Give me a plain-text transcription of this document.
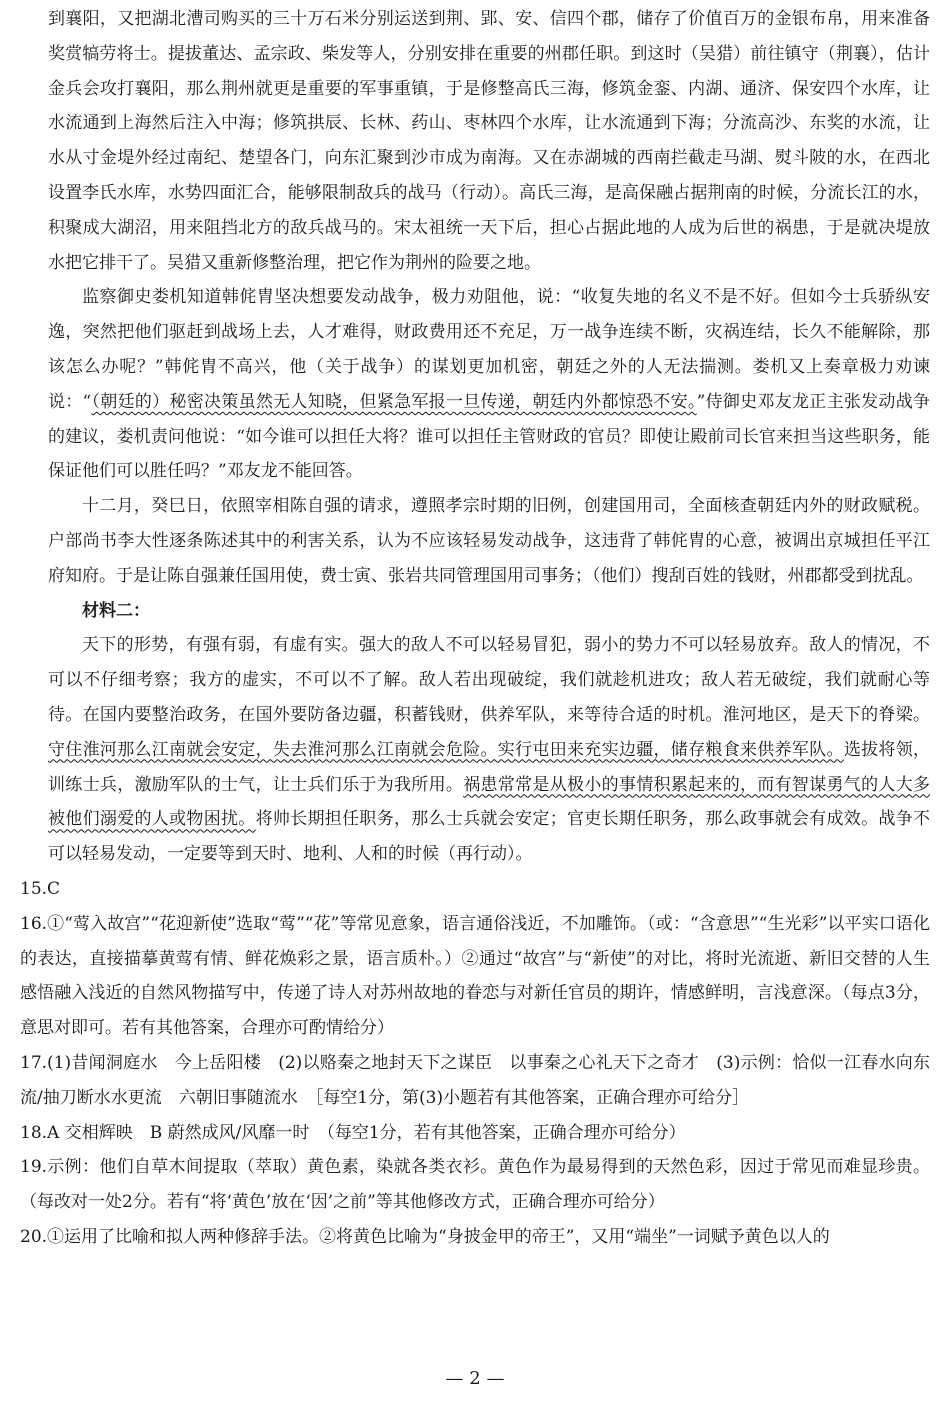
到襄阳，又把湖北漕司购买的三十万石米分别运送到荆、郢、安、信四个郡，储存了价值百万的金银布帛，用来准备奖赏犒劳将士。提拔董达、孟宗政、柴发等人，分别安排在重要的州郡任职。到这时（吴猎）前往镇守（荆襄），估计金兵会攻打襄阳，那么荆州就更是重要的军事重镇，于是修整高氏三海，修筑金銮、内湖、通济、保安四个水库，让水流通到上海然后注入中海；修筑拱辰、长林、药山、枣林四个水库，让水流通到下海；分流高沙、东奖的水流，让水从寸金堤外经过南纪、楚望各门，向东汇聚到沙市成为南海。又在赤湖城的西南拦截走马湖、熨斗陂的水，在西北设置李氏水库，水势四面汇合，能够限制敌兵的战马（行动）。高氏三海，是高保融占据荆南的时候，分流长江的水，积聚成大湖沼，用来阻挡北方的敌兵战马的。宋太祖统一天下后，担心占据此地的人成为后世的祸患，于是就决堤放水把它排干了。吴猎又重新修整治理，把它作为荆州的险要之地。

监察御史娄机知道韩侂胄坚决想要发动战争，极力劝阻他，说：“收复失地的名义不是不好。但如今士兵骄纵安逸，突然把他们驱赶到战场上去，人才难得，财政费用还不充足，万一战争连续不断，灾祸连结，长久不能解除，那该怎么办呢？”韩侂胄不高兴，他（关于战争）的谋划更加机密，朝廷之外的人无法揣测。娄机又上奏章极力劝谏说：“（朝廷的）秘密决策虽然无人知晓，但紧急军报一旦传递，朝廷内外都惊恐不安。”侍御史邓友龙正主张发动战争的建议，娄机责问他说：“如今谁可以担任大将？谁可以担任主管财政的官员？即使让殿前司长官来担当这些职务，能保证他们可以胜任吗？”邓友龙不能回答。

十二月，癸巳日，依照宰相陈自强的请求，遵照孝宗时期的旧例，创建国用司，全面核查朝廷内外的财政赋税。户部尚书李大性逐条陈述其中的利害关系，认为不应该轻易发动战争，这违背了韩侂胄的心意，被调出京城担任平江府知府。于是让陈自强兼任国用使，费士寅、张岩共同管理国用司事务；（他们）搜刮百姓的钱财，州郡都受到扰乱。

材料二：

天下的形势，有强有弱，有虚有实。强大的敌人不可以轻易冒犯，弱小的势力不可以轻易放弃。敌人的情况，不可以不仔细考察；我方的虚实，不可以不了解。敌人若出现破绽，我们就趁机进攻；敌人若无破绽，我们就耐心等待。在国内要整治政务，在国外要防备边疆，积蓄钱财，供养军队，来等待合适的时机。淮河地区，是天下的脊梁。守住淮河那么江南就会安定，失去淮河那么江南就会危险。实行屯田来充实边疆，储存粮食来供养军队。选拔将领，训练士兵，激励军队的士气，让士兵们乐于为我所用。祸患常常是从极小的事情积累起来的，而有智谋勇气的人大多被他们溺爱的人或物困扰。将帅长期担任职务，那么士兵就会安定；官吏长期任职务，那么政事就会有成效。战争不可以轻易发动，一定要等到天时、地利、人和的时候（再行动）。

15.C

16.①“莺入故宫”“花迎新使”选取“莺”“花”等常见意象，语言通俗浅近，不加雕饰。（或：“含意思”“生光彩”以平实口语化的表达，直接描摹黄莺有情、鲜花焕彩之景，语言质朴。）②通过“故宫”与“新使”的对比，将时光流逝、新旧交替的人生感悟融入浅近的自然风物描写中，传递了诗人对苏州故地的眷恋与对新任官员的期许，情感鲜明，言浅意深。（每点3分，意思对即可。若有其他答案，合理亦可酌情给分）

17.(1)昔闻洞庭水　今上岳阳楼　(2)以赂秦之地封天下之谋臣　以事秦之心礼天下之奇才　(3)示例：恰似一江春水向东流/抽刀断水水更流　六朝旧事随流水　［每空1分，第(3)小题若有其他答案，正确合理亦可给分］

18.A 交相辉映　B 蔚然成风/风靡一时　（每空1分，若有其他答案，正确合理亦可给分）

19.示例：他们自草木间提取（萃取）黄色素，染就各类衣衫。黄色作为最易得到的天然色彩，因过于常见而难显珍贵。（每改对一处2分。若有“将‘黄色’放在‘因’之前”等其他修改方式，正确合理亦可给分）

20.①运用了比喻和拟人两种修辞手法。②将黄色比喻为“身披金甲的帝王”，又用“端坐”一词赋予黄色以人的

— 2 —
